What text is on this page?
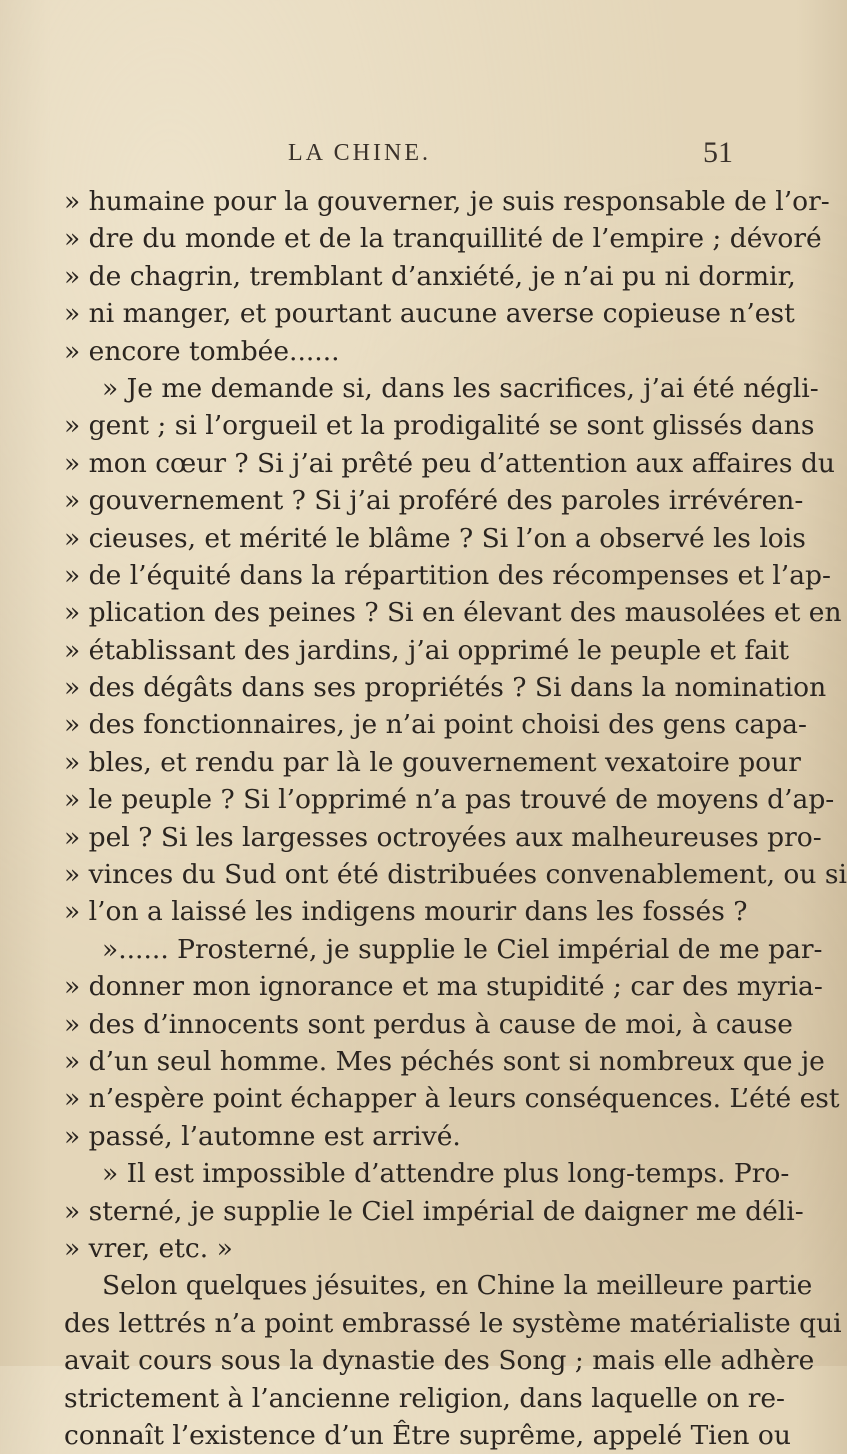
LA CHINE.	51
» humaine pour la gouverner, je suis responsable de l’or-
» dre du monde et de la tranquillité de l’empire ; dévoré
» de chagrin, tremblant d’anxiété, je n’ai pu ni dormir,
» ni manger, et pourtant aucune averse copieuse n’est
» encore tombée......
» Je me demande si, dans les sacrifices, j’ai été négli-
» gent ; si l’orgueil et la prodigalité se sont glissés dans
» mon cœur ? Si j’ai prêté peu d’attention aux affaires du
» gouvernement ? Si j’ai proféré des paroles irrévéren-
» cieuses, et mérité le blâme ? Si l’on a observé les lois
» de l’équité dans la répartition des récompenses et l’ap-
» plication des peines ? Si en élevant des mausolées et en
» établissant des jardins, j’ai opprimé le peuple et fait
» des dégâts dans ses propriétés ? Si dans la nomination
» des fonctionnaires, je n’ai point choisi des gens capa-
» bles, et rendu par là le gouvernement vexatoire pour
» le peuple ? Si l’opprimé n’a pas trouvé de moyens d’ap-
» pel ? Si les largesses octroyées aux malheureuses pro-
» vinces du Sud ont été distribuées convenablement, ou si
» l’on a laissé les indigens mourir dans les fossés ?
»...... Prosterné, je supplie le Ciel impérial de me par-
» donner mon ignorance et ma stupidité ; car des myria-
» des d’innocents sont perdus à cause de moi, à cause
» d’un seul homme. Mes péchés sont si nombreux que je
» n’espère point échapper à leurs conséquences. L’été est
» passé, l’automne est arrivé.
» Il est impossible d’attendre plus long-temps. Pro-
» sterné, je supplie le Ciel impérial de daigner me déli-
» vrer, etc. »
Selon quelques jésuites, en Chine la meilleure partie
des lettrés n’a point embrassé le système matérialiste qui
avait cours sous la dynastie des Song ; mais elle adhère
strictement à l’ancienne religion, dans laquelle on re-
connaît l’existence d’un Être suprême, appelé Tien ou
